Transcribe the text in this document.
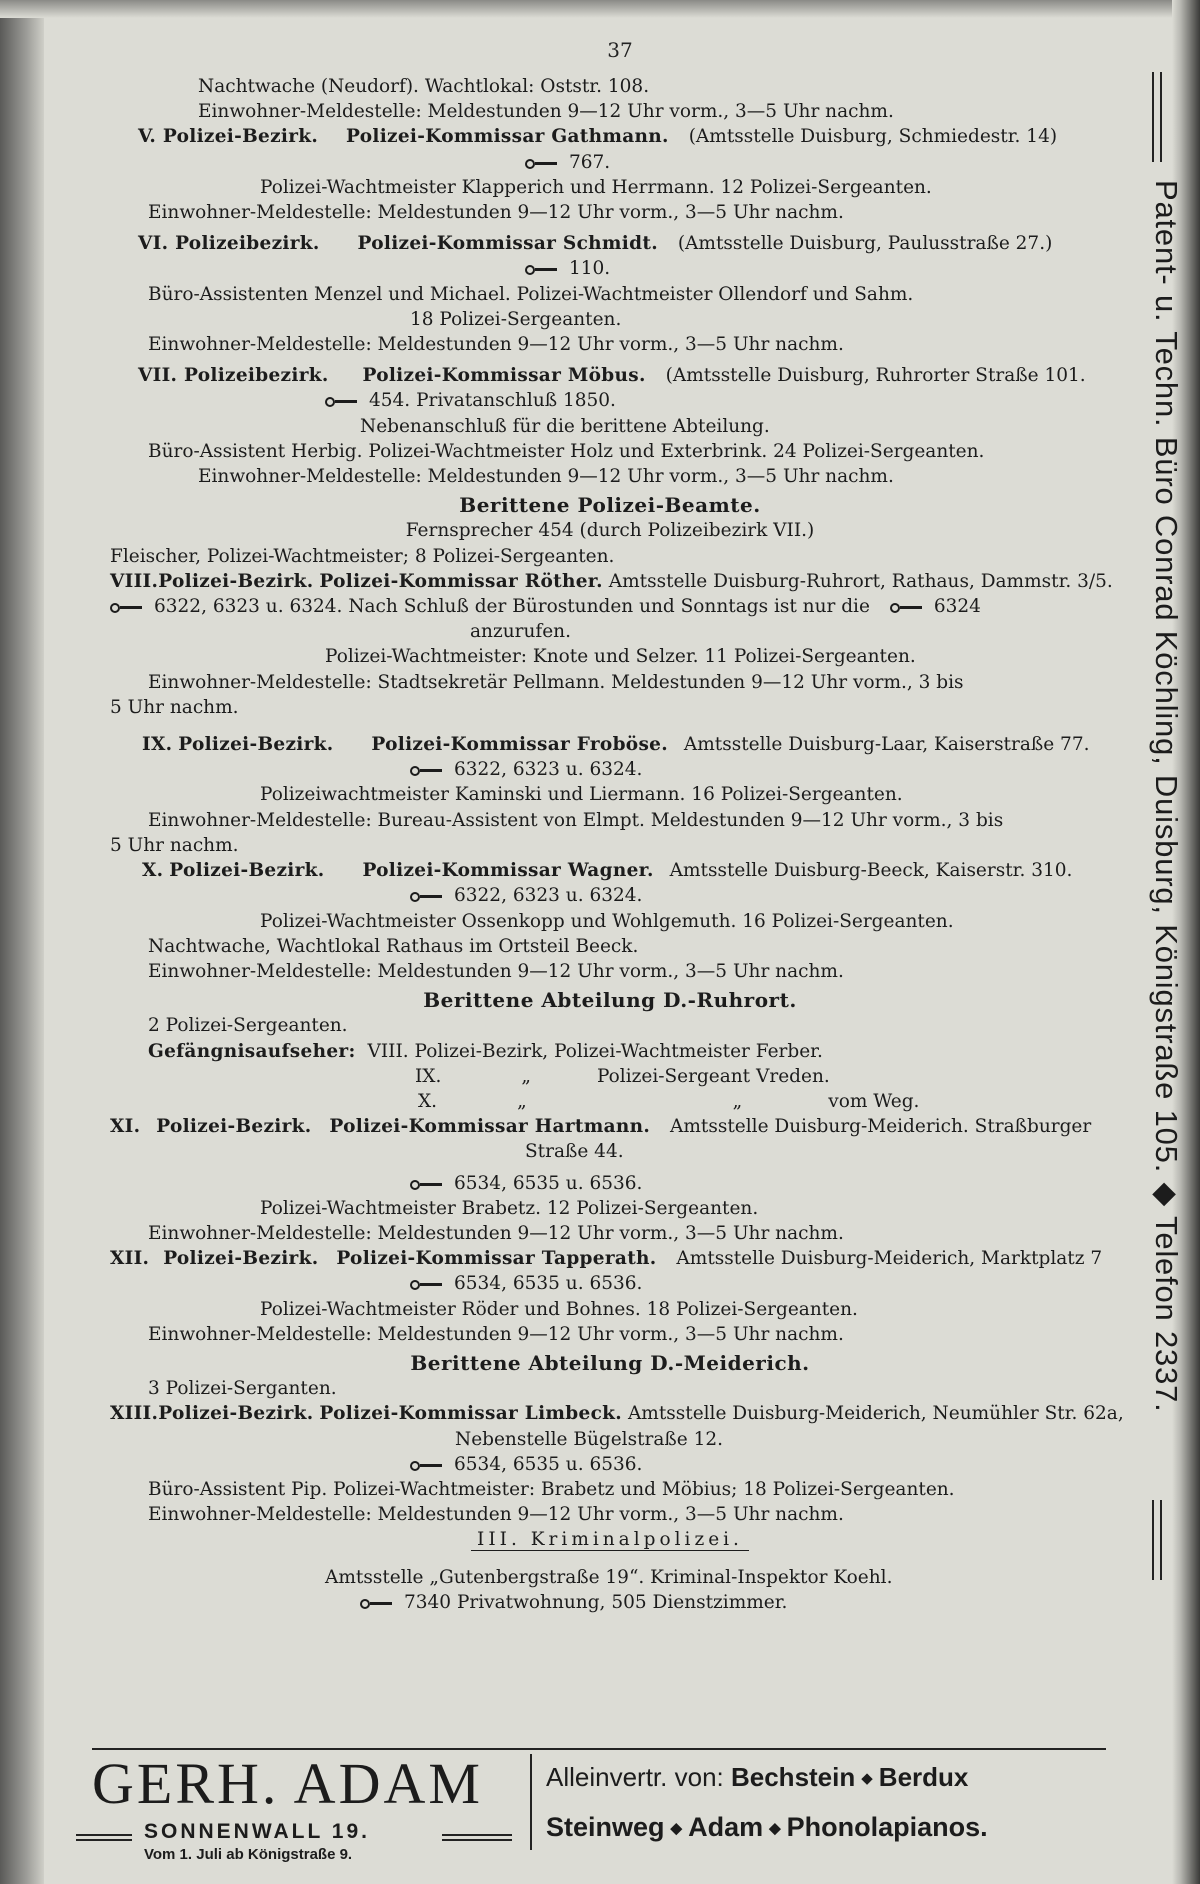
37
Nachtwache (Neudorf). Wachtlokal: Oststr. 108.
Einwohner-Meldestelle: Meldestunden 9—12 Uhr vorm., 3—5 Uhr nachm.
V. Polizei-Bezirk. Polizei-Kommissar Gathmann. (Amtsstelle Duisburg, Schmiedestr. 14)
767.
Polizei-Wachtmeister Klapperich und Herrmann. 12 Polizei-Sergeanten.
Einwohner-Meldestelle: Meldestunden 9—12 Uhr vorm., 3—5 Uhr nachm.
VI. Polizeibezirk. Polizei-Kommissar Schmidt. (Amtsstelle Duisburg, Paulusstraße 27.)
110.
Büro-Assistenten Menzel und Michael. Polizei-Wachtmeister Ollendorf und Sahm.
18 Polizei-Sergeanten.
Einwohner-Meldestelle: Meldestunden 9—12 Uhr vorm., 3—5 Uhr nachm.
VII. Polizeibezirk. Polizei-Kommissar Möbus. (Amtsstelle Duisburg, Ruhrorter Straße 101.
454. Privatanschluß 1850.
Nebenanschluß für die berittene Abteilung.
Büro-Assistent Herbig. Polizei-Wachtmeister Holz und Exterbrink. 24 Polizei-Sergeanten.
Einwohner-Meldestelle: Meldestunden 9—12 Uhr vorm., 3—5 Uhr nachm.
Berittene Polizei-Beamte.
Fernsprecher 454 (durch Polizeibezirk VII.)
Fleischer, Polizei-Wachtmeister; 8 Polizei-Sergeanten.
VIII.Polizei-Bezirk. Polizei-Kommissar Röther. Amtsstelle Duisburg-Ruhrort, Rathaus, Dammstr. 3/5.
6322, 6323 u. 6324. Nach Schluß der Bürostunden und Sonntags ist nur die	6324
anzurufen.
Polizei-Wachtmeister: Knote und Selzer. 11 Polizei-Sergeanten.
Einwohner-Meldestelle: Stadtsekretär Pellmann. Meldestunden 9—12 Uhr vorm., 3 bis
5 Uhr nachm.
IX. Polizei-Bezirk. Polizei-Kommissar Froböse. Amtsstelle Duisburg-Laar, Kaiserstraße 77.
6322, 6323 u. 6324.
Polizeiwachtmeister Kaminski und Liermann. 16 Polizei-Sergeanten.
Einwohner-Meldestelle: Bureau-Assistent von Elmpt. Meldestunden 9—12 Uhr vorm., 3 bis
5 Uhr nachm.
X. Polizei-Bezirk. Polizei-Kommissar Wagner. Amtsstelle Duisburg-Beeck, Kaiserstr. 310.
6322, 6323 u. 6324.
Polizei-Wachtmeister Ossenkopp und Wohlgemuth. 16 Polizei-Sergeanten.
Nachtwache, Wachtlokal Rathaus im Ortsteil Beeck.
Einwohner-Meldestelle: Meldestunden 9—12 Uhr vorm., 3—5 Uhr nachm.
Berittene Abteilung D.-Ruhrort.
2 Polizei-Sergeanten.
Gefängnisaufseher: VIII. Polizei-Bezirk, Polizei-Wachtmeister Ferber.
IX.	„	Polizei-Sergeant Vreden.
X.	„	„	vom Weg.
XI. Polizei-Bezirk. Polizei-Kommissar Hartmann. Amtsstelle Duisburg-Meiderich. Straßburger
Straße 44.
6534, 6535 u. 6536.
Polizei-Wachtmeister Brabetz. 12 Polizei-Sergeanten.
Einwohner-Meldestelle: Meldestunden 9—12 Uhr vorm., 3—5 Uhr nachm.
XII. Polizei-Bezirk. Polizei-Kommissar Tapperath. Amtsstelle Duisburg-Meiderich, Marktplatz 7
6534, 6535 u. 6536.
Polizei-Wachtmeister Röder und Bohnes. 18 Polizei-Sergeanten.
Einwohner-Meldestelle: Meldestunden 9—12 Uhr vorm., 3—5 Uhr nachm.
Berittene Abteilung D.-Meiderich.
3 Polizei-Serganten.
XIII.Polizei-Bezirk. Polizei-Kommissar Limbeck. Amtsstelle Duisburg-Meiderich, Neumühler Str. 62a,
Nebenstelle Bügelstraße 12.
6534, 6535 u. 6536.
Büro-Assistent Pip. Polizei-Wachtmeister: Brabetz und Möbius; 18 Polizei-Sergeanten.
Einwohner-Meldestelle: Meldestunden 9—12 Uhr vorm., 3—5 Uhr nachm.
III. Kriminalpolizei.
Amtsstelle „Gutenbergstraße 19“. Kriminal-Inspektor Koehl.
7340 Privatwohnung, 505 Dienstzimmer.
GERH. ADAM
SONNENWALL 19.
Vom 1. Juli ab Königstraße 9.
Alleinvertr. von: Bechstein ◆ Berdux
Steinweg ◆ Adam ◆ Phonolapianos.
Patent- u. Techn. Büro Conrad Köchling, Duisburg, Königstraße 105. ◆ Telefon 2337.
